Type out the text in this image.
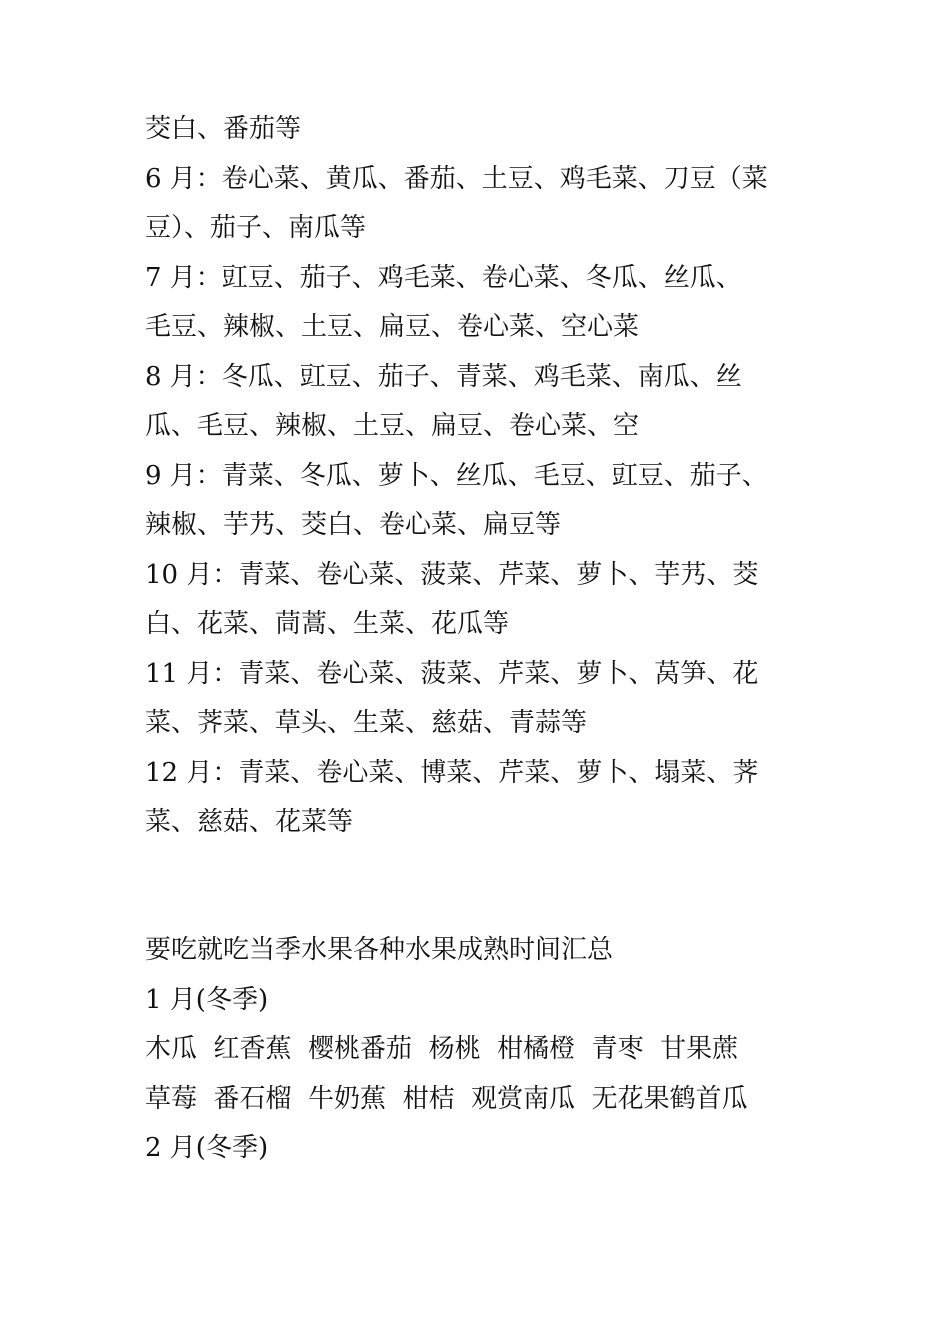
茭白、番茄等
6 月：卷心菜、黄瓜、番茄、土豆、鸡毛菜、刀豆（菜
豆）、茄子、南瓜等
7 月：豇豆、茄子、鸡毛菜、卷心菜、冬瓜、丝瓜、
毛豆、辣椒、土豆、扁豆、卷心菜、空心菜
8 月：冬瓜、豇豆、茄子、青菜、鸡毛菜、南瓜、丝
瓜、毛豆、辣椒、土豆、扁豆、卷心菜、空
9 月：青菜、冬瓜、萝卜、丝瓜、毛豆、豇豆、茄子、
辣椒、芋艿、茭白、卷心菜、扁豆等
10 月：青菜、卷心菜、菠菜、芹菜、萝卜、芋艿、茭
白、花菜、茼蒿、生菜、花瓜等
11 月：青菜、卷心菜、菠菜、芹菜、萝卜、莴笋、花
菜、荠菜、草头、生菜、慈菇、青蒜等
12 月：青菜、卷心菜、博菜、芹菜、萝卜、塌菜、荠
菜、慈菇、花菜等
要吃就吃当季水果各种水果成熟时间汇总
1 月(冬季)
木瓜  红香蕉  樱桃番茄  杨桃  柑橘橙  青枣  甘果蔗
草莓  番石榴  牛奶蕉  柑桔  观赏南瓜  无花果鹤首瓜
2 月(冬季)
